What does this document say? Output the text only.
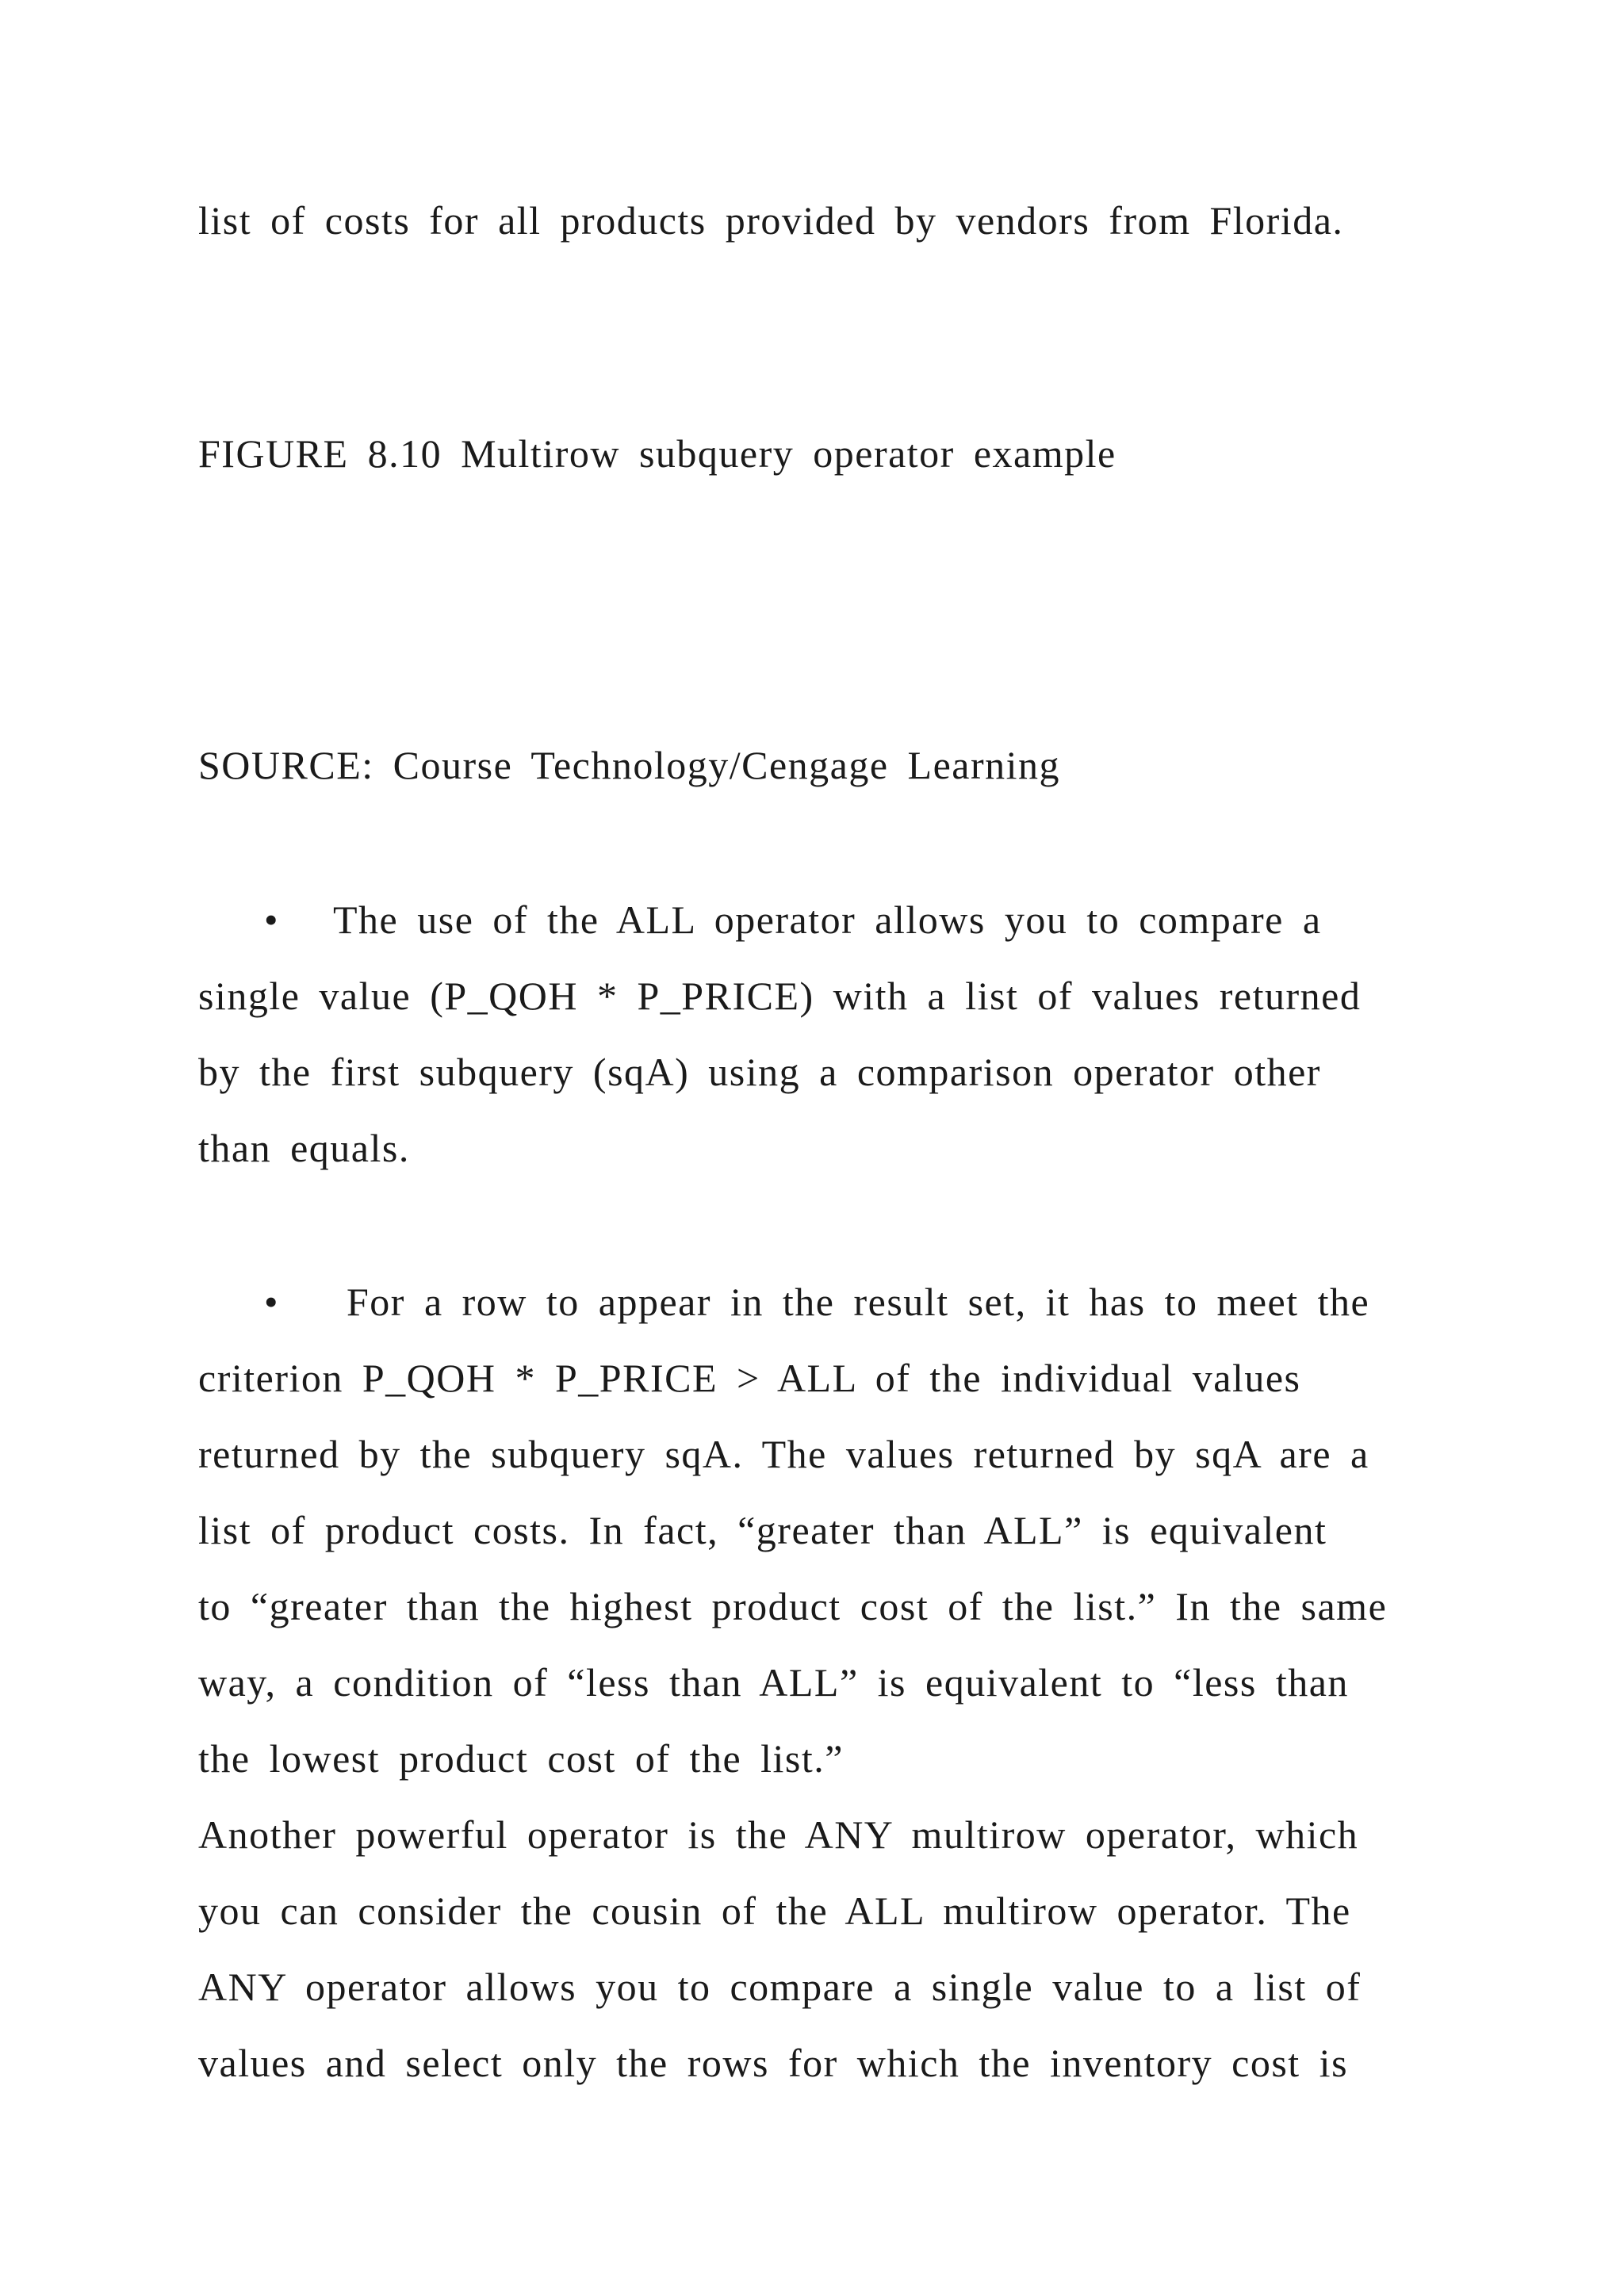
list of costs for all products provided by vendors from Florida.

FIGURE 8.10 Multirow subquery operator example

SOURCE: Course Technology/Cengage Learning

• The use of the ALL operator allows you to compare a
single value (P_QOH * P_PRICE) with a list of values returned
by the first subquery (sqA) using a comparison operator other
than equals.
• For a row to appear in the result set, it has to meet the
criterion P_QOH * P_PRICE > ALL of the individual values
returned by the subquery sqA. The values returned by sqA are a
list of product costs. In fact, “greater than ALL” is equivalent
to “greater than the highest product cost of the list.” In the same
way, a condition of “less than ALL” is equivalent to “less than
the lowest product cost of the list.”

Another powerful operator is the ANY multirow operator, which

you can consider the cousin of the ALL multirow operator. The

ANY operator allows you to compare a single value to a list of

values and select only the rows for which the inventory cost is
